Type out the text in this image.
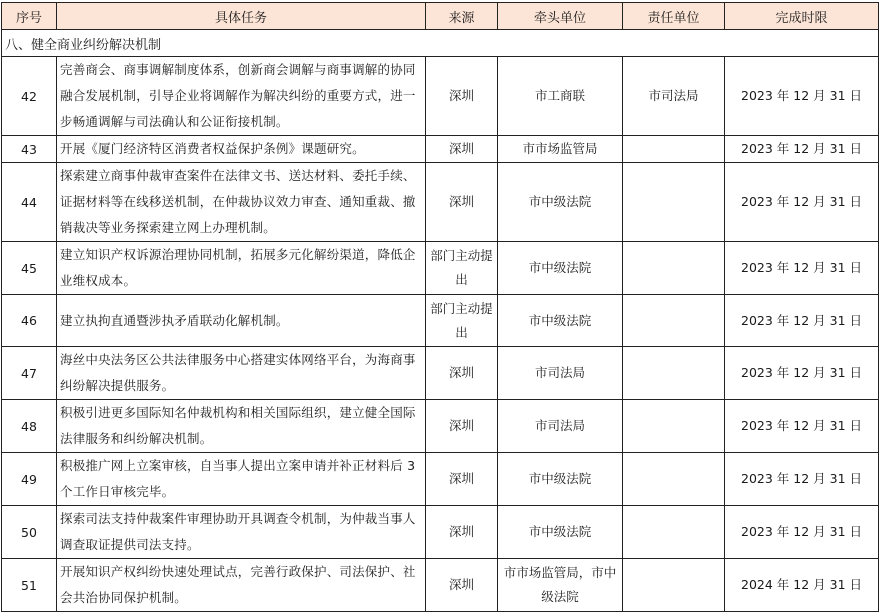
序号	具体任务	来源	牵头单位	责任单位	完成时限
八、健全商业纠纷解决机制					
42	完善商会、商事调解制度体系，创新商会调解与商事调解的协同融合发展机制，引导企业将调解作为解决纠纷的重要方式，进一步畅通调解与司法确认和公证衔接机制。	深圳	市工商联	市司法局	2023 年 12 月 31 日
43	开展《厦门经济特区消费者权益保护条例》课题研究。	深圳	市市场监管局		2023 年 12 月 31 日
44	探索建立商事仲裁审查案件在法律文书、送达材料、委托手续、证据材料等在线移送机制，在仲裁协议效力审查、通知重裁、撤销裁决等业务探索建立网上办理机制。	深圳	市中级法院		2023 年 12 月 31 日
45	建立知识产权诉源治理协同机制，拓展多元化解纷渠道，降低企业维权成本。	部门主动提出	市中级法院		2023 年 12 月 31 日
46	建立执拘直通暨涉执矛盾联动化解机制。	部门主动提出	市中级法院		2023 年 12 月 31 日
47	海丝中央法务区公共法律服务中心搭建实体网络平台，为海商事纠纷解决提供服务。	深圳	市司法局		2023 年 12 月 31 日
48	积极引进更多国际知名仲裁机构和相关国际组织，建立健全国际法律服务和纠纷解决机制。	深圳	市司法局		2023 年 12 月 31 日
49	积极推广网上立案审核，自当事人提出立案申请并补正材料后 3 个工作日审核完毕。	深圳	市中级法院		2023 年 12 月 31 日
50	探索司法支持仲裁案件审理协助开具调查令机制，为仲裁当事人调查取证提供司法支持。	深圳	市中级法院		2023 年 12 月 31 日
51	开展知识产权纠纷快速处理试点，完善行政保护、司法保护、社会共治协同保护机制。	深圳	市市场监管局，市中级法院		2024 年 12 月 31 日
